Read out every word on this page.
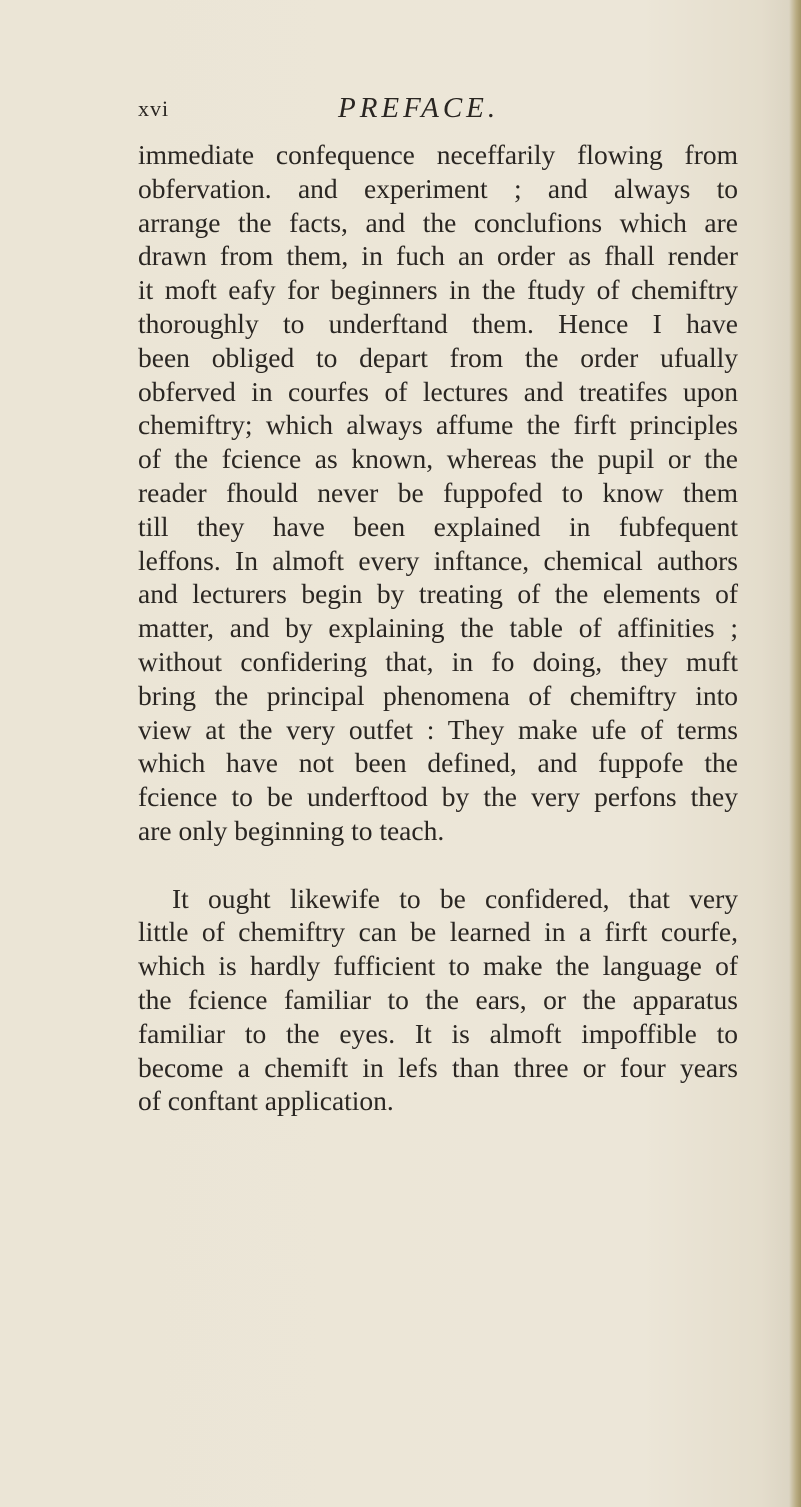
xvi	PREFACE.
immediate confequence neceffarily flowing from
obfervation. and experiment ; and always to
arrange the facts, and the conclufions which are
drawn from them, in fuch an order as fhall render
it moft eafy for beginners in the ftudy of chemiftry
thoroughly to underftand them. Hence I have
been obliged to depart from the order ufually
obferved in courfes of lectures and treatifes upon
chemiftry; which always affume the firft principles
of the fcience as known, whereas the pupil or the
reader fhould never be fuppofed to know them
till they have been explained in fubfequent
leffons. In almoft every inftance, chemical authors
and lecturers begin by treating of the elements of
matter, and by explaining the table of affinities ;
without confidering that, in fo doing, they muft
bring the principal phenomena of chemiftry into
view at the very outfet : They make ufe of terms
which have not been defined, and fuppofe the
fcience to be underftood by the very perfons they
are only beginning to teach.
It ought likewife to be confidered, that very
little of chemiftry can be learned in a firft courfe,
which is hardly fufficient to make the language of
the fcience familiar to the ears, or the apparatus
familiar to the eyes. It is almoft impoffible to
become a chemift in lefs than three or four years
of conftant application.
